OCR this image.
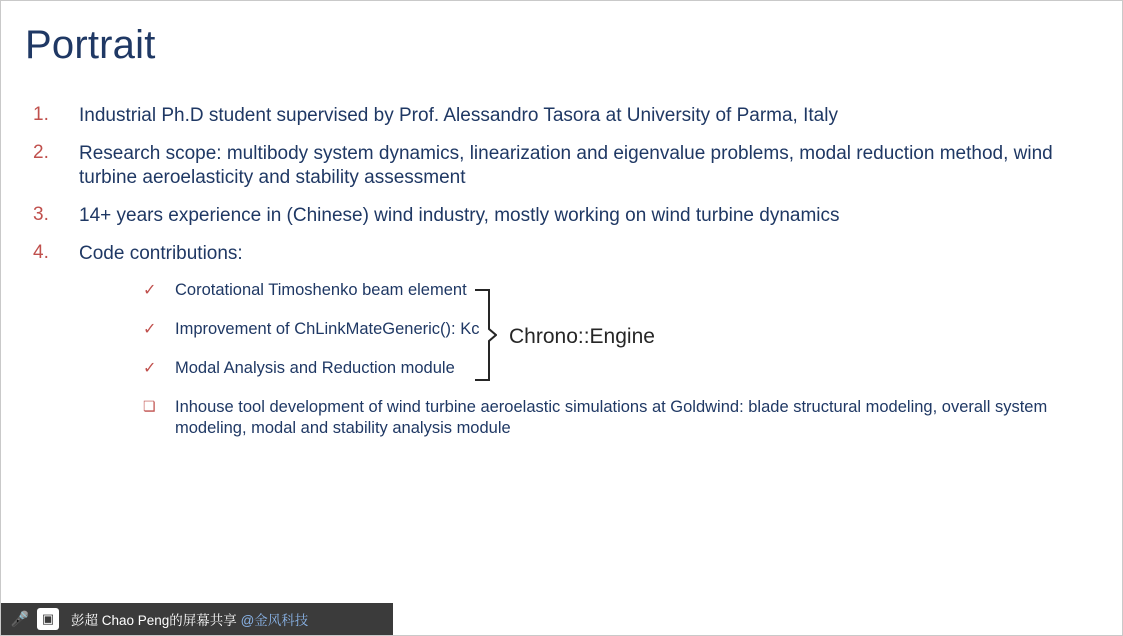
Portrait
1. Industrial Ph.D student supervised by Prof. Alessandro Tasora at University of Parma, Italy
2. Research scope: multibody system dynamics, linearization and eigenvalue problems, modal reduction method, wind turbine aeroelasticity and stability assessment
3. 14+ years experience in (Chinese) wind industry, mostly working on wind turbine dynamics
4. Code contributions:
✓ Corotational Timoshenko beam element
✓ Improvement of ChLinkMateGeneric(): Kc
✓ Modal Analysis and Reduction module
❏ Inhouse tool development of wind turbine aeroelastic simulations at Goldwind: blade structural modeling, overall system modeling, modal and stability analysis module
Chrono::Engine
🎤 ▣	彭超 Chao Peng的屏幕共享 @金风科技
